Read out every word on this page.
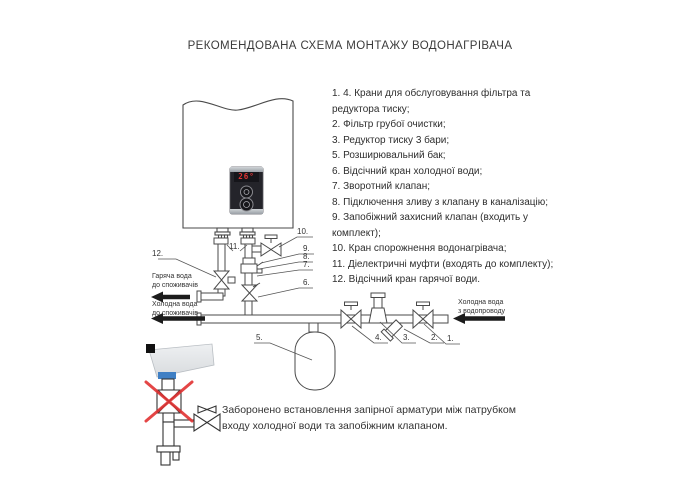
РЕКОМЕНДОВАНА СХЕМА МОНТАЖУ ВОДОНАГРІВАЧА
1. 4. Крани для обслуговування фільтра та редуктора тиску;
2. Фільтр грубої очистки;
3. Редуктор тиску 3 бари;
5. Розширювальний бак;
6. Відсічний кран холодної води;
7. Зворотний клапан;
8. Підключення зливу з клапану в каналізацію;
9. Запобіжний захисний клапан (входить у комплект);
10. Кран спорожнення водонагрівача;
11. Діелектричні муфти (входять до комплекту);
12. Відсічний кран гарячої води.
26°
Гаряча вода
до споживачів
Холодна вода
до споживачів
Холодна вода
з водопроводу
12.
11.
10.
9.
8.
7.
6.
5.	4.	3.	2. 1.
Заборонено встановлення запірної арматури між патрубком
входу холодної води та запобіжним клапаном.
